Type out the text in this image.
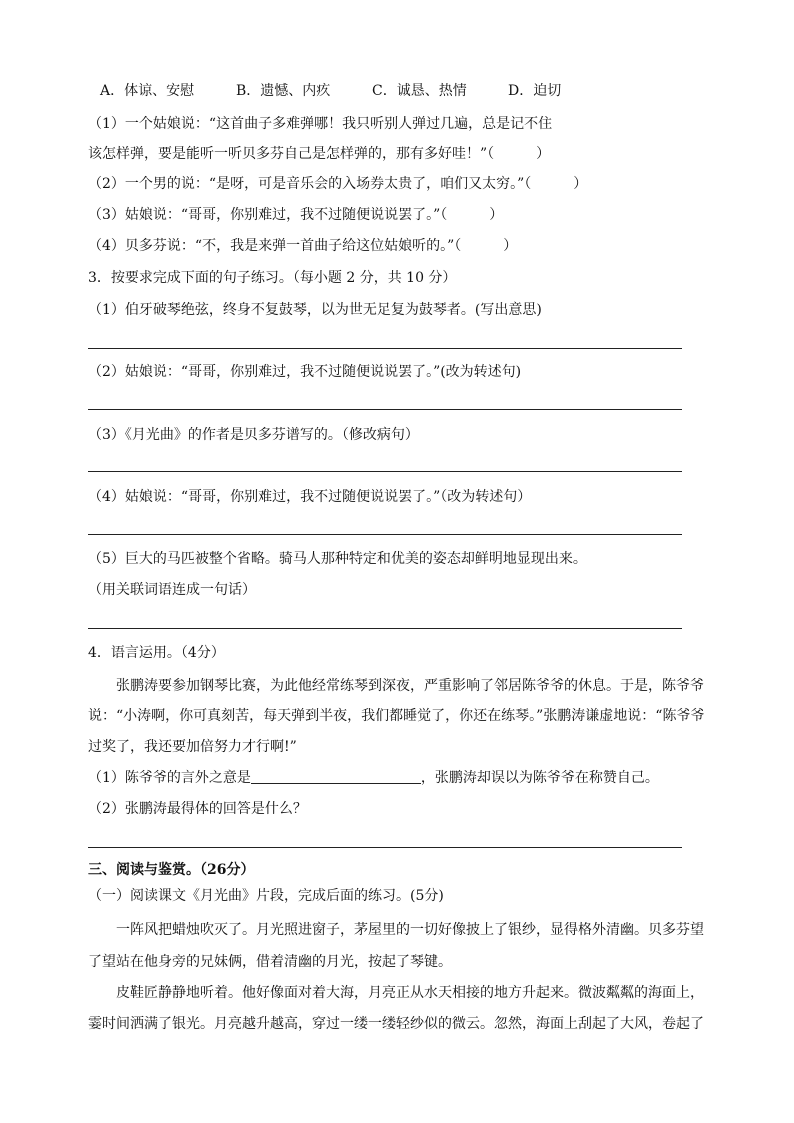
A．体谅、安慰	B．遗憾、内疚	C．诚恳、热情	D．迫切
（1）一个姑娘说：“这首曲子多难弹哪！我只听别人弹过几遍，总是记不住
该怎样弹，要是能听一听贝多芬自己是怎样弹的，那有多好哇！”（　　　）
（2）一个男的说：“是呀，可是音乐会的入场券太贵了，咱们又太穷。”（　　　）
（3）姑娘说：“哥哥，你别难过，我不过随便说说罢了。”（　　　）
（4）贝多芬说：“不，我是来弹一首曲子给这位姑娘听的。”（　　　）
3．按要求完成下面的句子练习。（每小题 2 分，共 10 分）
（1）伯牙破琴绝弦，终身不复鼓琴，以为世无足复为鼓琴者。(写出意思)
（2）姑娘说：“哥哥，你别难过，我不过随便说说罢了。”(改为转述句)
（3）《月光曲》的作者是贝多芬谱写的。（修改病句）
（4）姑娘说：“哥哥，你别难过，我不过随便说说罢了。”（改为转述句）
（5）巨大的马匹被整个省略。骑马人那种特定和优美的姿态却鲜明地显现出来。
（用关联词语连成一句话）
4．语言运用。（4分）
张鹏涛要参加钢琴比赛，为此他经常练琴到深夜，严重影响了邻居陈爷爷的休息。于是，陈爷爷
说：“小涛啊，你可真刻苦，每天弹到半夜，我们都睡觉了，你还在练琴。”张鹏涛谦虚地说：“陈爷爷
过奖了，我还要加倍努力才行啊!”
（1）陈爷爷的言外之意是	，张鹏涛却误以为陈爷爷在称赞自己。
（2）张鹏涛最得体的回答是什么？
三、阅读与鉴赏。（26分）
（一）阅读课文《月光曲》片段，完成后面的练习。(5分)
一阵风把蜡烛吹灭了。月光照进窗子，茅屋里的一切好像披上了银纱，显得格外清幽。贝多芬望
了望站在他身旁的兄妹俩，借着清幽的月光，按起了琴键。
皮鞋匠静静地听着。他好像面对着大海，月亮正从水天相接的地方升起来。微波粼粼的海面上，
霎时间洒满了银光。月亮越升越高，穿过一缕一缕轻纱似的微云。忽然，海面上刮起了大风，卷起了
